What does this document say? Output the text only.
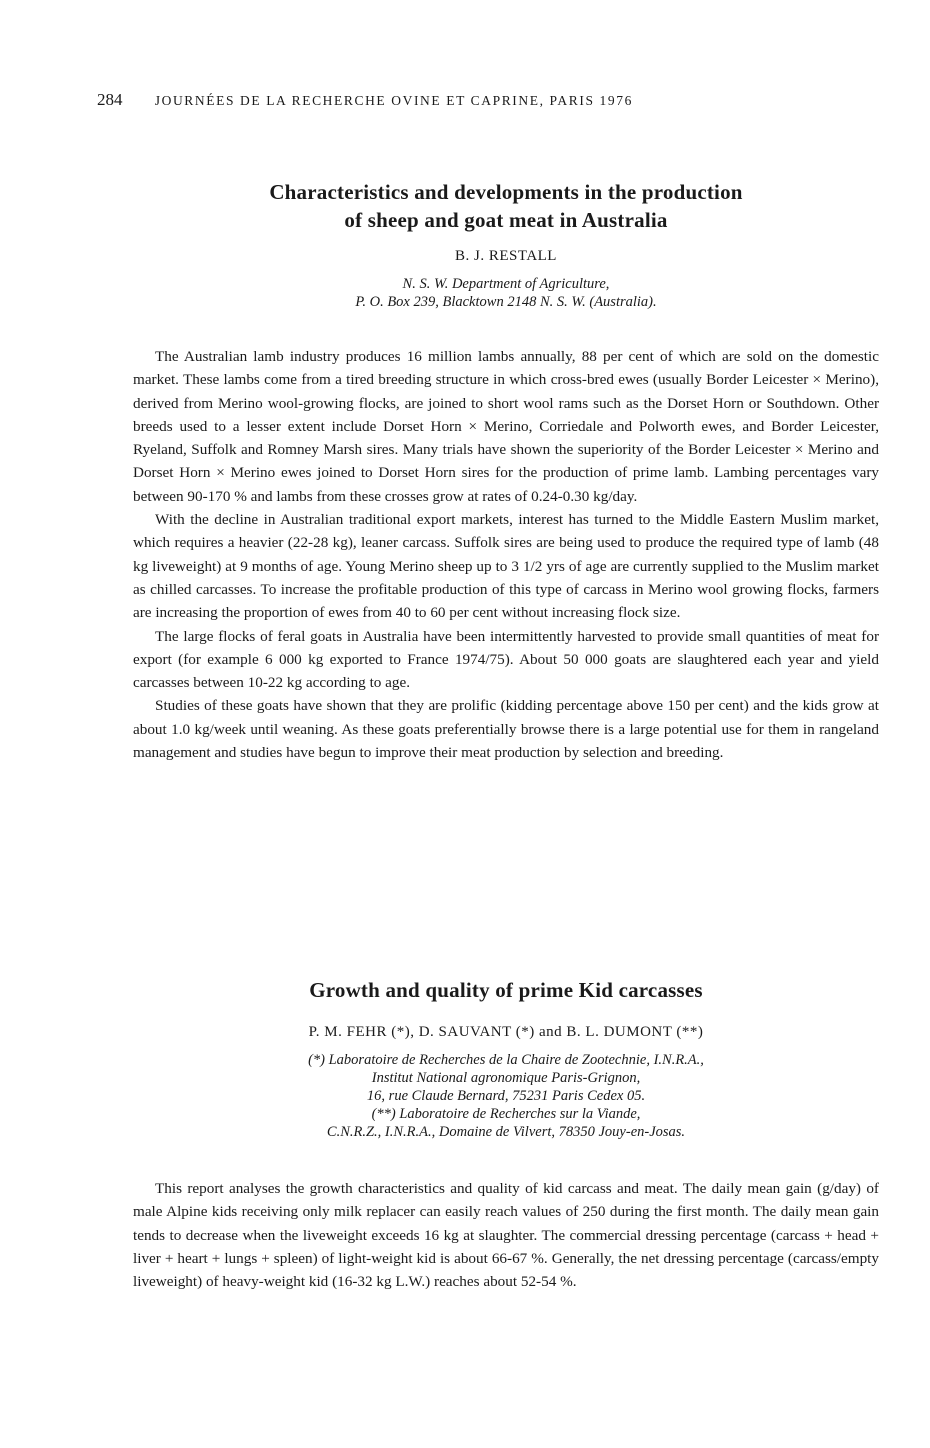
284 JOURNÉES DE LA RECHERCHE OVINE ET CAPRINE, PARIS 1976
Characteristics and developments in the production
of sheep and goat meat in Australia
B. J. RESTALL
N. S. W. Department of Agriculture,
P. O. Box 239, Blacktown 2148 N. S. W. (Australia).

The Australian lamb industry produces 16 million lambs annually, 88 per cent of which are sold on the domestic market. These lambs come from a tired breeding structure in which cross-bred ewes (usually Border Leicester × Merino), derived from Merino wool-growing flocks, are joined to short wool rams such as the Dorset Horn or Southdown. Other breeds used to a lesser extent include Dorset Horn × Merino, Corriedale and Polworth ewes, and Border Leicester, Ryeland, Suffolk and Romney Marsh sires. Many trials have shown the superiority of the Border Leicester × Merino and Dorset Horn × Merino ewes joined to Dorset Horn sires for the production of prime lamb. Lambing percentages vary between 90-170 % and lambs from these crosses grow at rates of 0.24-0.30 kg/day.

With the decline in Australian traditional export markets, interest has turned to the Middle Eastern Muslim market, which requires a heavier (22-28 kg), leaner carcass. Suffolk sires are being used to produce the required type of lamb (48 kg liveweight) at 9 months of age. Young Merino sheep up to 3 1/2 yrs of age are currently supplied to the Muslim market as chilled carcasses. To increase the profitable production of this type of carcass in Merino wool growing flocks, farmers are increasing the proportion of ewes from 40 to 60 per cent without increasing flock size.

The large flocks of feral goats in Australia have been intermittently harvested to provide small quantities of meat for export (for example 6 000 kg exported to France 1974/75). About 50 000 goats are slaughtered each year and yield carcasses between 10-22 kg according to age.

Studies of these goats have shown that they are prolific (kidding percentage above 150 per cent) and the kids grow at about 1.0 kg/week until weaning. As these goats preferentially browse there is a large potential use for them in rangeland management and studies have begun to improve their meat production by selection and breeding.

Growth and quality of prime Kid carcasses
P. M. FEHR (*), D. SAUVANT (*) and B. L. DUMONT (**)
(*) Laboratoire de Recherches de la Chaire de Zootechnie, I.N.R.A.,
Institut National agronomique Paris-Grignon,
16, rue Claude Bernard, 75231 Paris Cedex 05.
(**) Laboratoire de Recherches sur la Viande,
C.N.R.Z., I.N.R.A., Domaine de Vilvert, 78350 Jouy-en-Josas.

This report analyses the growth characteristics and quality of kid carcass and meat. The daily mean gain (g/day) of male Alpine kids receiving only milk replacer can easily reach values of 250 during the first month. The daily mean gain tends to decrease when the liveweight exceeds 16 kg at slaughter. The commercial dressing percentage (carcass + head + liver + heart + lungs + spleen) of light-weight kid is about 66-67 %. Generally, the net dressing percentage (carcass/empty liveweight) of heavy-weight kid (16-32 kg L.W.) reaches about 52-54 %.
